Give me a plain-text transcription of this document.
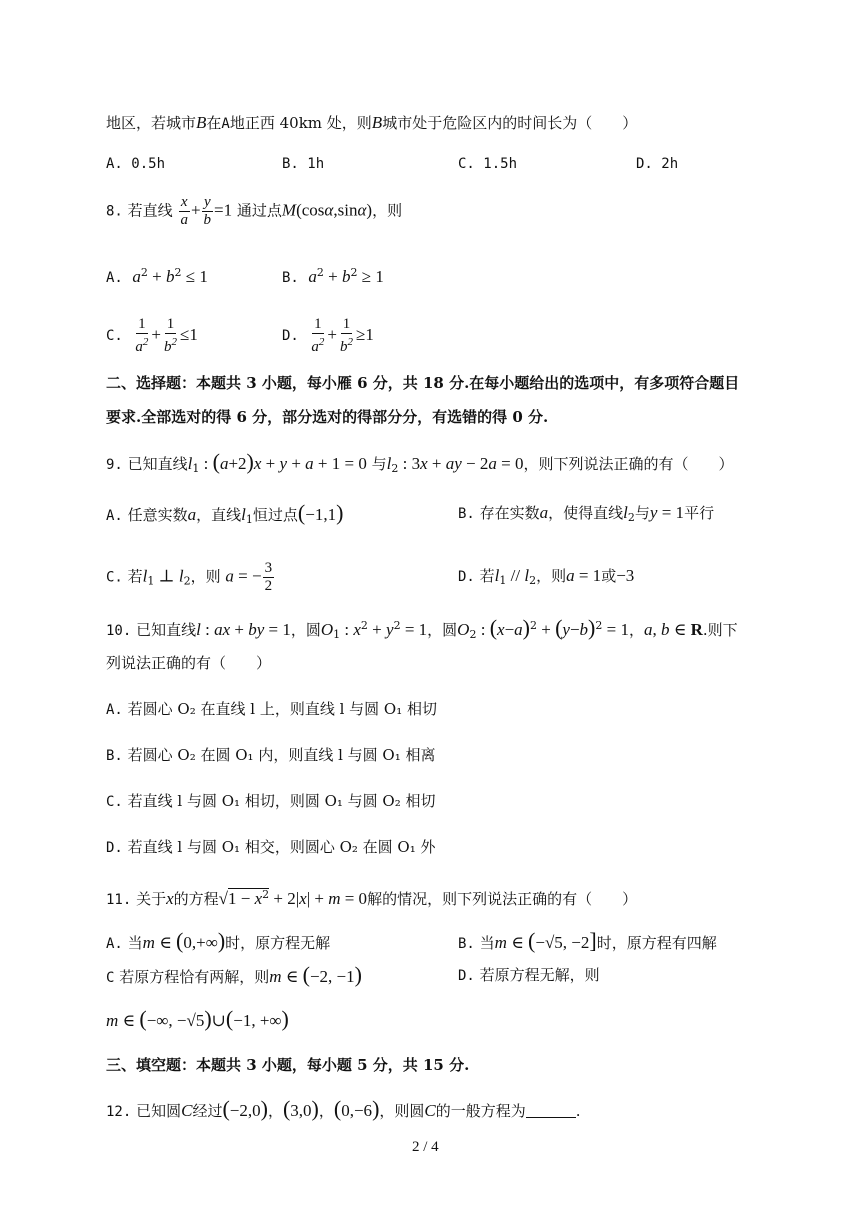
地区，若城市B在A地正西 40km 处，则B城市处于危险区内的时间长为（　　）
A. 0.5h	B. 1h	C. 1.5h	D. 2h
8. 若直线 $\frac{x}{a} + \frac{y}{b} =1$ 通过点M(cosα,sinα)，则
A. $a^2 + b^2 \le 1$	B. $a^2 + b^2 \ge 1$
C. $\frac{1}{a^2} + \frac{1}{b^2} \le 1$	D. $\frac{1}{a^2} + \frac{1}{b^2} \ge 1$
二、选择题：本题共 3 小题，每小雁 6 分，共 18 分.在每小题给出的选项中，有多项符合题目
要求.全部选对的得 6 分，部分选对的得部分分，有选错的得 0 分.
9. 已知直线$l_1$ : (a+2)x + y + a + 1 = 0 与$l_2$ : 3x + ay − 2a = 0，则下列说法正确的有（　　）
A. 任意实数a，直线$l_1$恒过点(−1,1)	B. 存在实数a，使得直线$l_2$与y = 1平行
C. 若$l_1$ ⊥ $l_2$，则 a = − $\frac{3}{2}$	D. 若$l_1 // l_2$，则a = 1或−3
10. 已知直线l : ax + by = 1，圆$O_1$ : $x^2 + y^2 = 1$，圆$O_2$ : $(x-a)^2 + (y-b)^2 = 1$，a, b ∈ R.则下
列说法正确的有（　　）
A. 若圆心 O₂ 在直线 l 上，则直线 l 与圆 O₁ 相切
B. 若圆心 O₂ 在圆 O₁ 内，则直线 l 与圆 O₁ 相离
C. 若直线 l 与圆 O₁ 相切，则圆 O₁ 与圆 O₂ 相切
D. 若直线 l 与圆 O₁ 相交，则圆心 O₂ 在圆 O₁ 外
11. 关于x的方程$√1 - x^2 + 2|x| + m = 0$解的情况，则下列说法正确的有（　　）
A. 当m ∈ (0,+∞)时，原方程无解	B. 当m ∈ (−√5, −2]时，原方程有四解
C 若原方程恰有两解，则m ∈ (−2, −1)	D. 若原方程无解，则
m ∈ (−∞, −√5)∪(−1, +∞)
三、填空题：本题共 3 小题，每小题 5 分，共 15 分.
12. 已知圆C经过(−2,0)，(3,0)，(0,−6)，则圆C的一般方程为	.
2 / 4
